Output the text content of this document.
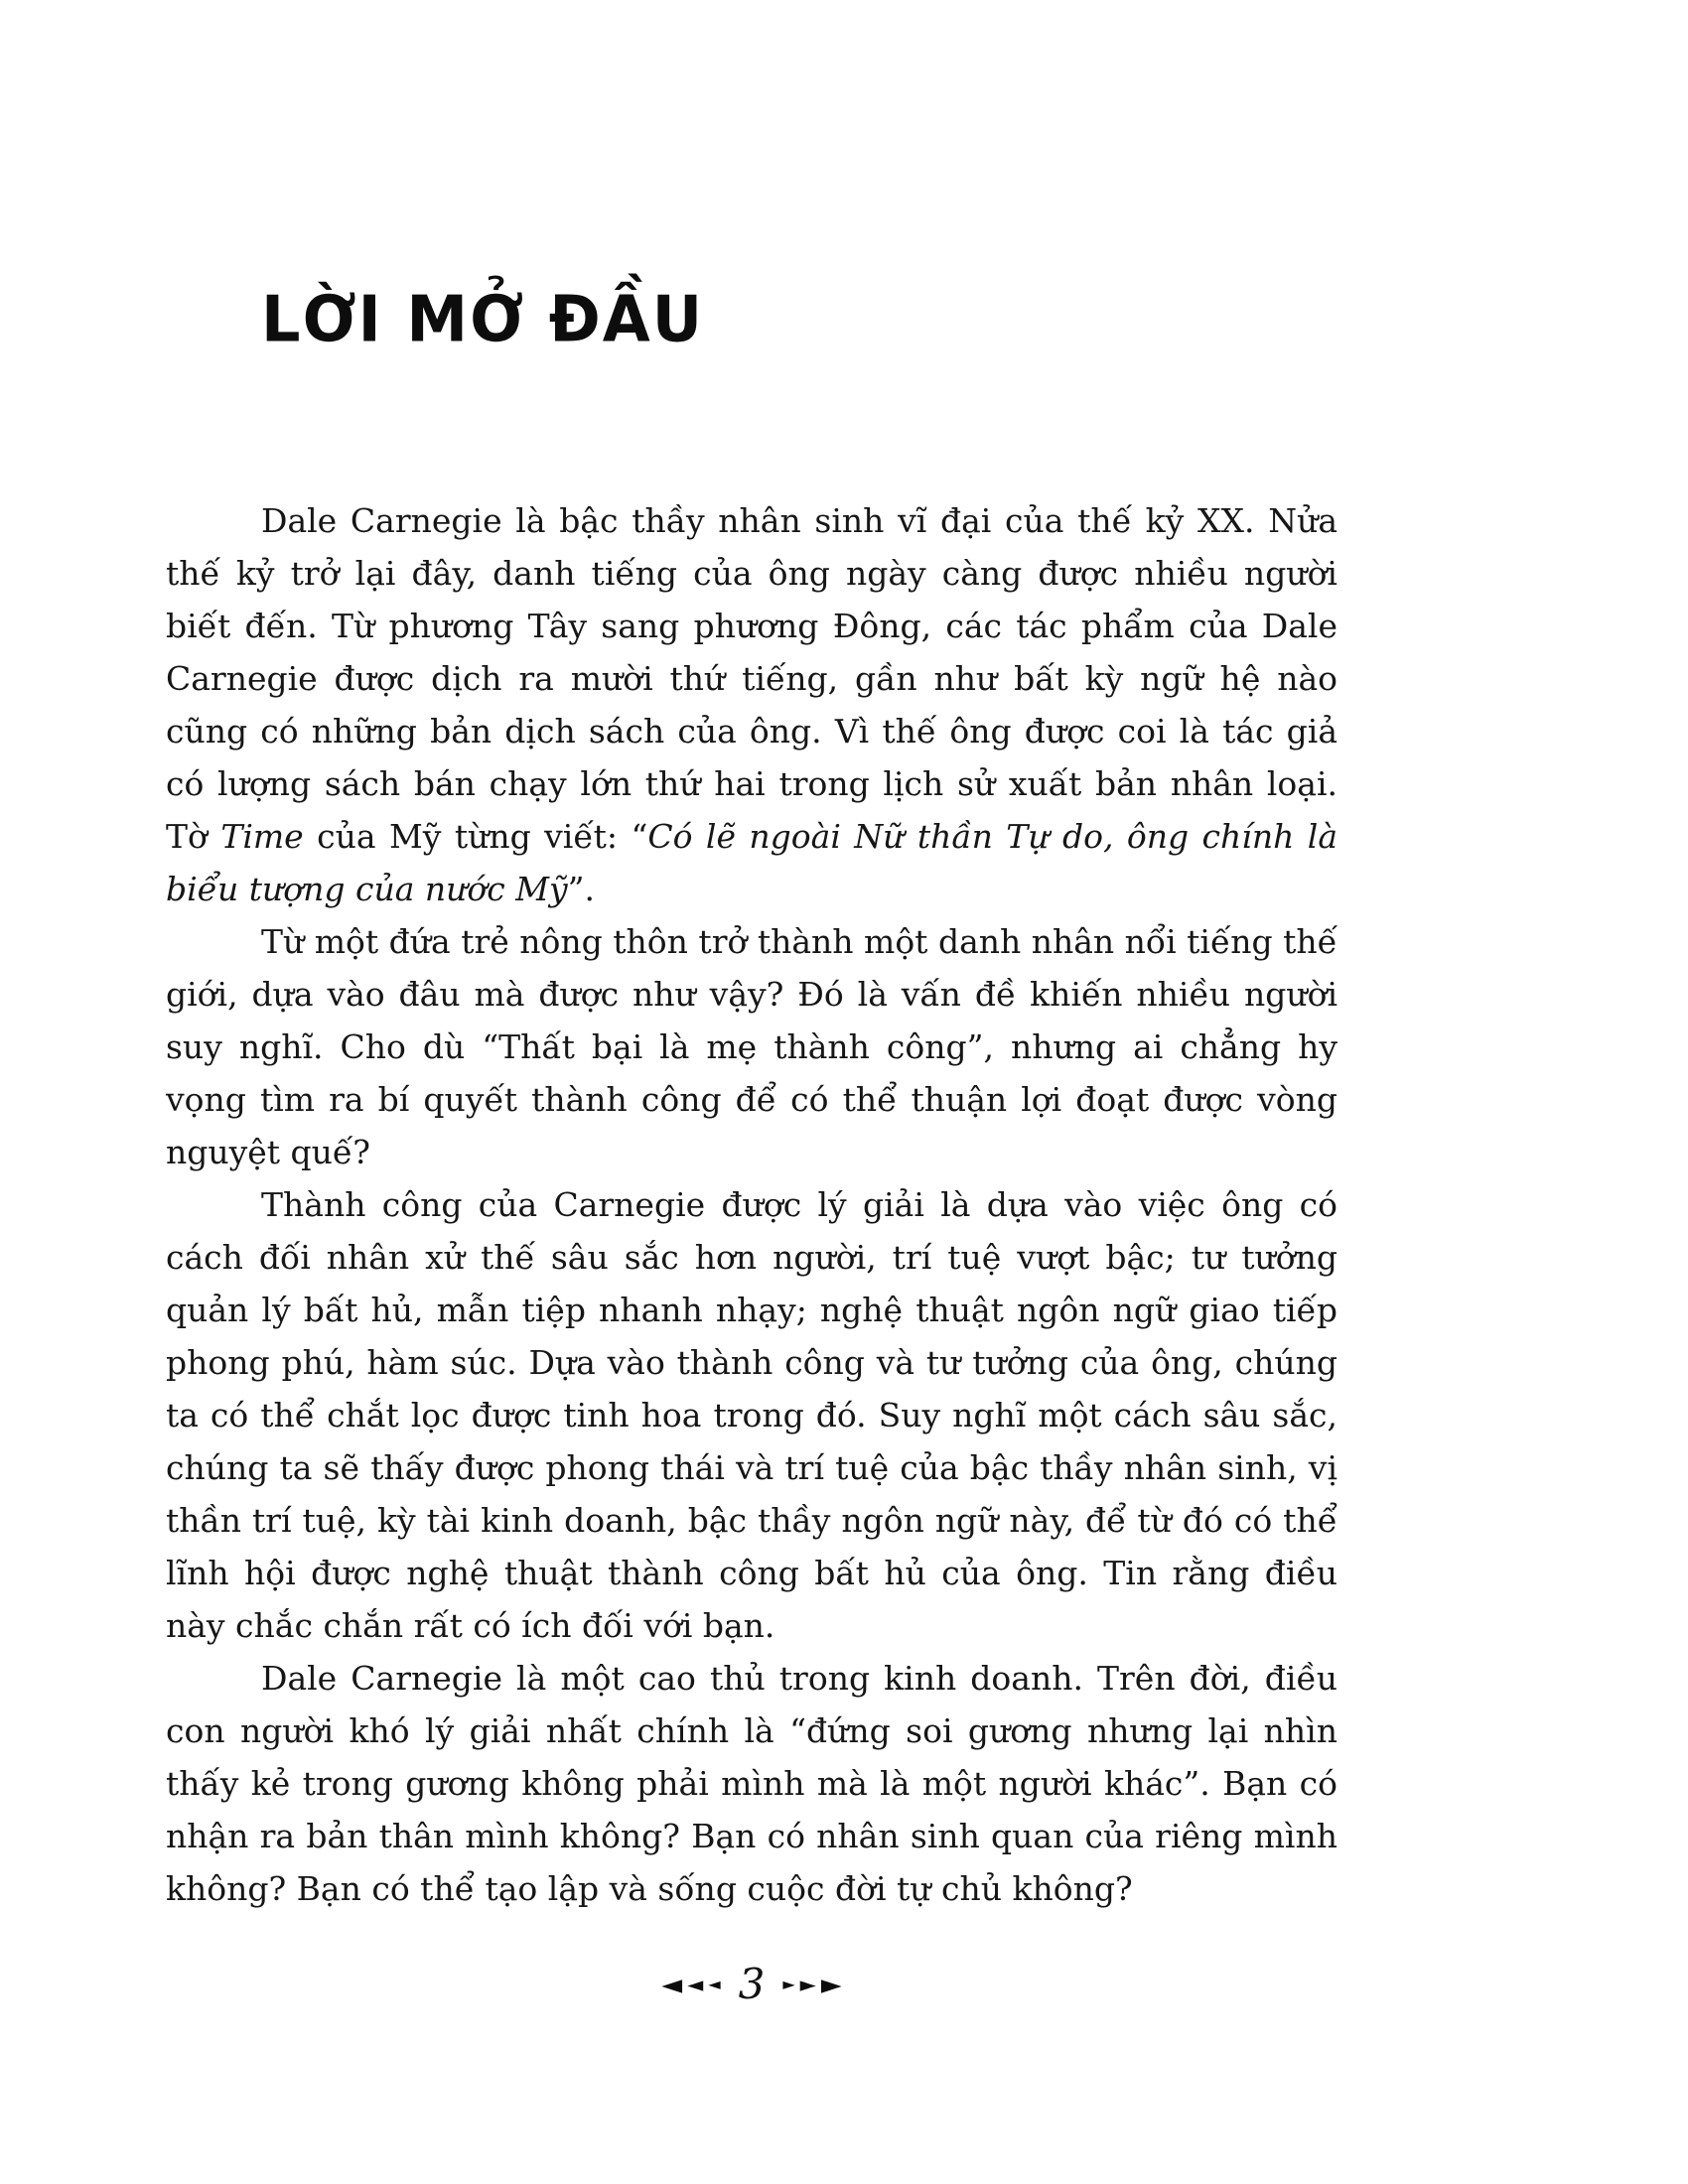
LỜI MỞ ĐẦU

Dale Carnegie là bậc thầy nhân sinh vĩ đại của thế kỷ XX. Nửa thế kỷ trở lại đây, danh tiếng của ông ngày càng được nhiều người biết đến. Từ phương Tây sang phương Đông, các tác phẩm của Dale Carnegie được dịch ra mười thứ tiếng, gần như bất kỳ ngữ hệ nào cũng có những bản dịch sách của ông. Vì thế ông được coi là tác giả có lượng sách bán chạy lớn thứ hai trong lịch sử xuất bản nhân loại. Tờ Time của Mỹ từng viết: “Có lẽ ngoài Nữ thần Tự do, ông chính là biểu tượng của nước Mỹ”.

Từ một đứa trẻ nông thôn trở thành một danh nhân nổi tiếng thế giới, dựa vào đâu mà được như vậy? Đó là vấn đề khiến nhiều người suy nghĩ. Cho dù “Thất bại là mẹ thành công”, nhưng ai chẳng hy vọng tìm ra bí quyết thành công để có thể thuận lợi đoạt được vòng nguyệt quế?

Thành công của Carnegie được lý giải là dựa vào việc ông có cách đối nhân xử thế sâu sắc hơn người, trí tuệ vượt bậc; tư tưởng quản lý bất hủ, mẫn tiệp nhanh nhạy; nghệ thuật ngôn ngữ giao tiếp phong phú, hàm súc. Dựa vào thành công và tư tưởng của ông, chúng ta có thể chắt lọc được tinh hoa trong đó. Suy nghĩ một cách sâu sắc, chúng ta sẽ thấy được phong thái và trí tuệ của bậc thầy nhân sinh, vị thần trí tuệ, kỳ tài kinh doanh, bậc thầy ngôn ngữ này, để từ đó có thể lĩnh hội được nghệ thuật thành công bất hủ của ông. Tin rằng điều này chắc chắn rất có ích đối với bạn.

Dale Carnegie là một cao thủ trong kinh doanh. Trên đời, điều con người khó lý giải nhất chính là “đứng soi gương nhưng lại nhìn thấy kẻ trong gương không phải mình mà là một người khác”. Bạn có nhận ra bản thân mình không? Bạn có nhân sinh quan của riêng mình không? Bạn có thể tạo lập và sống cuộc đời tự chủ không?

◄ ◄ ◄ 3 ► ► ►
